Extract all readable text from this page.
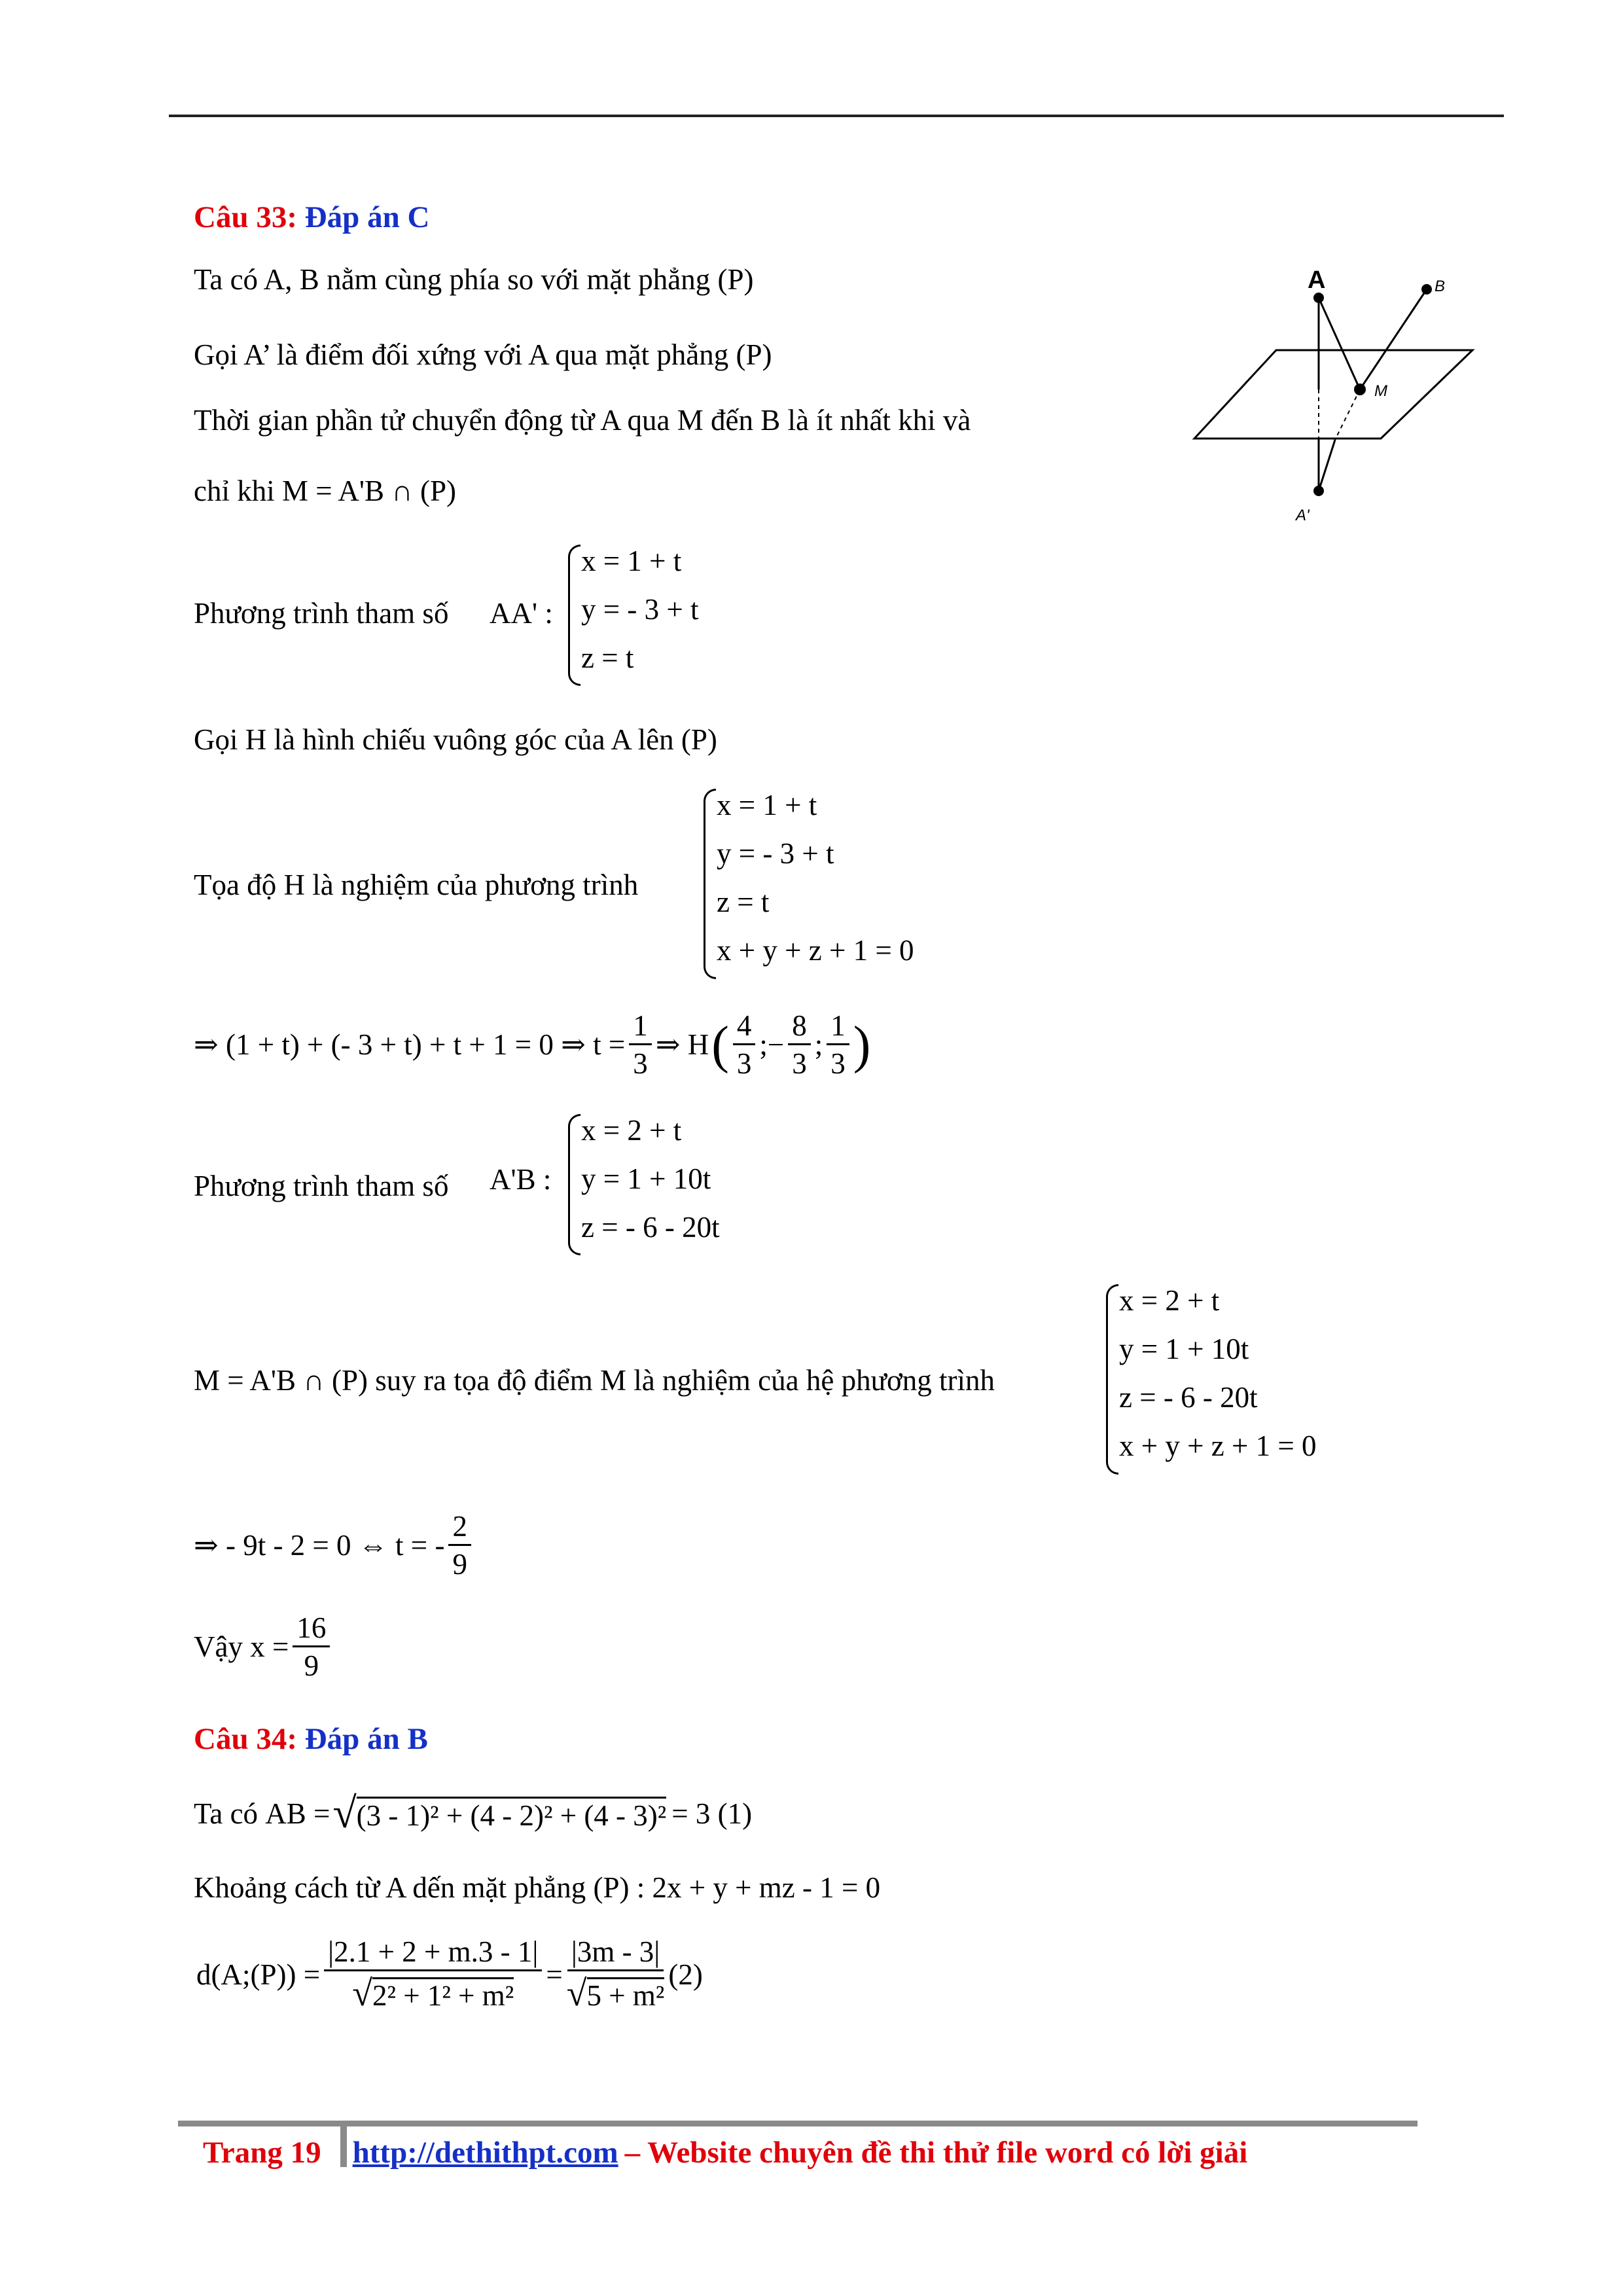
Câu 33: Đáp án C
Ta có A, B nằm cùng phía so với mặt phẳng (P)
Gọi A’ là điểm đối xứng với A qua mặt phẳng (P)
Thời gian phần tử chuyển động từ A qua M đến B là ít nhất khi và
chỉ khi M = A'B ∩ (P)
A	B
M
A'
Phương trình tham số AA' :
x = 1 + t
y = - 3 + t
z = t
Gọi H là hình chiếu vuông góc của A lên (P)
Tọa độ H là nghiệm của phương trình
x = 1 + t
y = - 3 + t
z = t
x + y + z + 1 = 0
⇒ (1 + t) + (- 3 + t) + t + 1 = 0 ⇒ $t = \frac{1}{3}$ ⇒ H ( $\frac{4}{3}$ ; − $\frac{8}{3}$ ; $\frac{1}{3}$ )
Phương trình tham số A'B :
x = 2 + t
y = 1 + 10t
z = - 6 - 20t
M = A'B ∩ (P) suy ra tọa độ điểm M là nghiệm của hệ phương trình
x = 2 + t
y = 1 + 10t
z = - 6 - 20t
x + y + z + 1 = 0
⇒ - 9t - 2 = 0 ⇔ t = - $\frac{2}{9}$
Vậy
$x = \frac{16}{9}$
Câu 34: Đáp án B
Ta có
AB = √ (3 - 1)² + (4 - 2)² + (4 - 3)² = 3 (1)
Khoảng cách từ A dến mặt phẳng (P) : 2x + y + mz - 1 = 0
d(A;(P)) = $\frac{|2.1 + 2 + m.3 - 1|}{\text{√2² + 1² + m²}} = \frac{|3m - 3|}{\text{√5 + m²}} (2)$
Trang 19 http://dethithpt.com – Website chuyên đề thi thử file word có lời giải
